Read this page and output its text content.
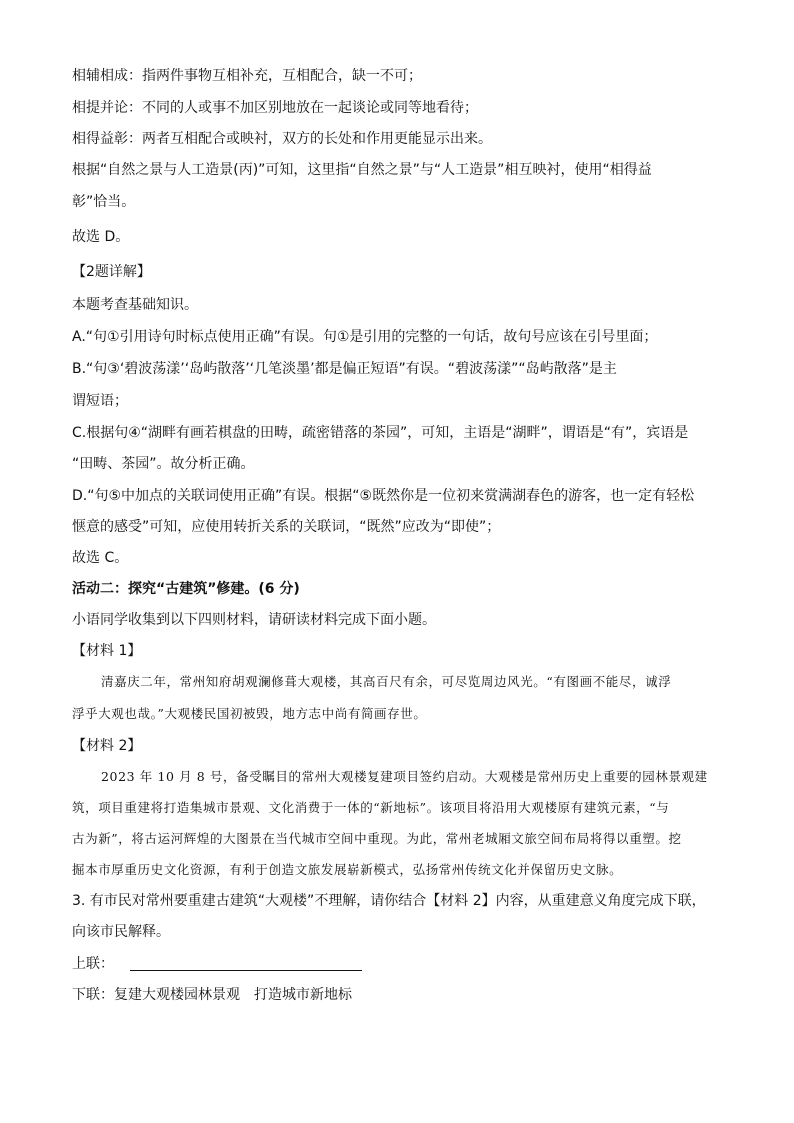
相辅相成：指两件事物互相补充，互相配合，缺一不可；
相提并论：不同的人或事不加区别地放在一起谈论或同等地看待；
相得益彰：两者互相配合或映衬，双方的长处和作用更能显示出来。
根据“自然之景与人工造景(丙)”可知，这里指“自然之景”与“人工造景”相互映衬，使用“相得益
彰”恰当。
故选 D。
【2题详解】
本题考查基础知识。
A.“句①引用诗句时标点使用正确”有误。句①是引用的完整的一句话，故句号应该在引号里面；
B.“句③‘碧波荡漾’‘岛屿散落’‘几笔淡墨’都是偏正短语”有误。“碧波荡漾”“岛屿散落”是主
谓短语；
C.根据句④“湖畔有画若棋盘的田畴，疏密错落的茶园”，可知，主语是“湖畔”，谓语是“有”，宾语是
“田畴、茶园”。故分析正确。
D.“句⑤中加点的关联词使用正确”有误。根据“⑤既然你是一位初来赏满湖春色的游客，也一定有轻松
惬意的感受”可知，应使用转折关系的关联词，“既然”应改为“即使”；
故选 C。
活动二：探究“古建筑”修建。(6 分)
小语同学收集到以下四则材料，请研读材料完成下面小题。
【材料 1】
清嘉庆二年，常州知府胡观澜修葺大观楼，其高百尺有余，可尽览周边风光。“有图画不能尽，诚浮
浮乎大观也哉。”大观楼民国初被毁，地方志中尚有简画存世。
【材料 2】
2023 年 10 月 8 号，备受瞩目的常州大观楼复建项目签约启动。大观楼是常州历史上重要的园林景观建
筑，项目重建将打造集城市景观、文化消费于一体的“新地标”。该项目将沿用大观楼原有建筑元素，“与
古为新”，将古运河辉煌的大图景在当代城市空间中重现。为此，常州老城厢文旅空间布局将得以重塑。挖
掘本市厚重历史文化资源，有利于创造文旅发展崭新模式，弘扬常州传统文化并保留历史文脉。
3. 有市民对常州要重建古建筑“大观楼”不理解，请你结合【材料 2】内容，从重建意义角度完成下联，
向该市民解释。
上联：
下联：复建大观楼园林景观　打造城市新地标
